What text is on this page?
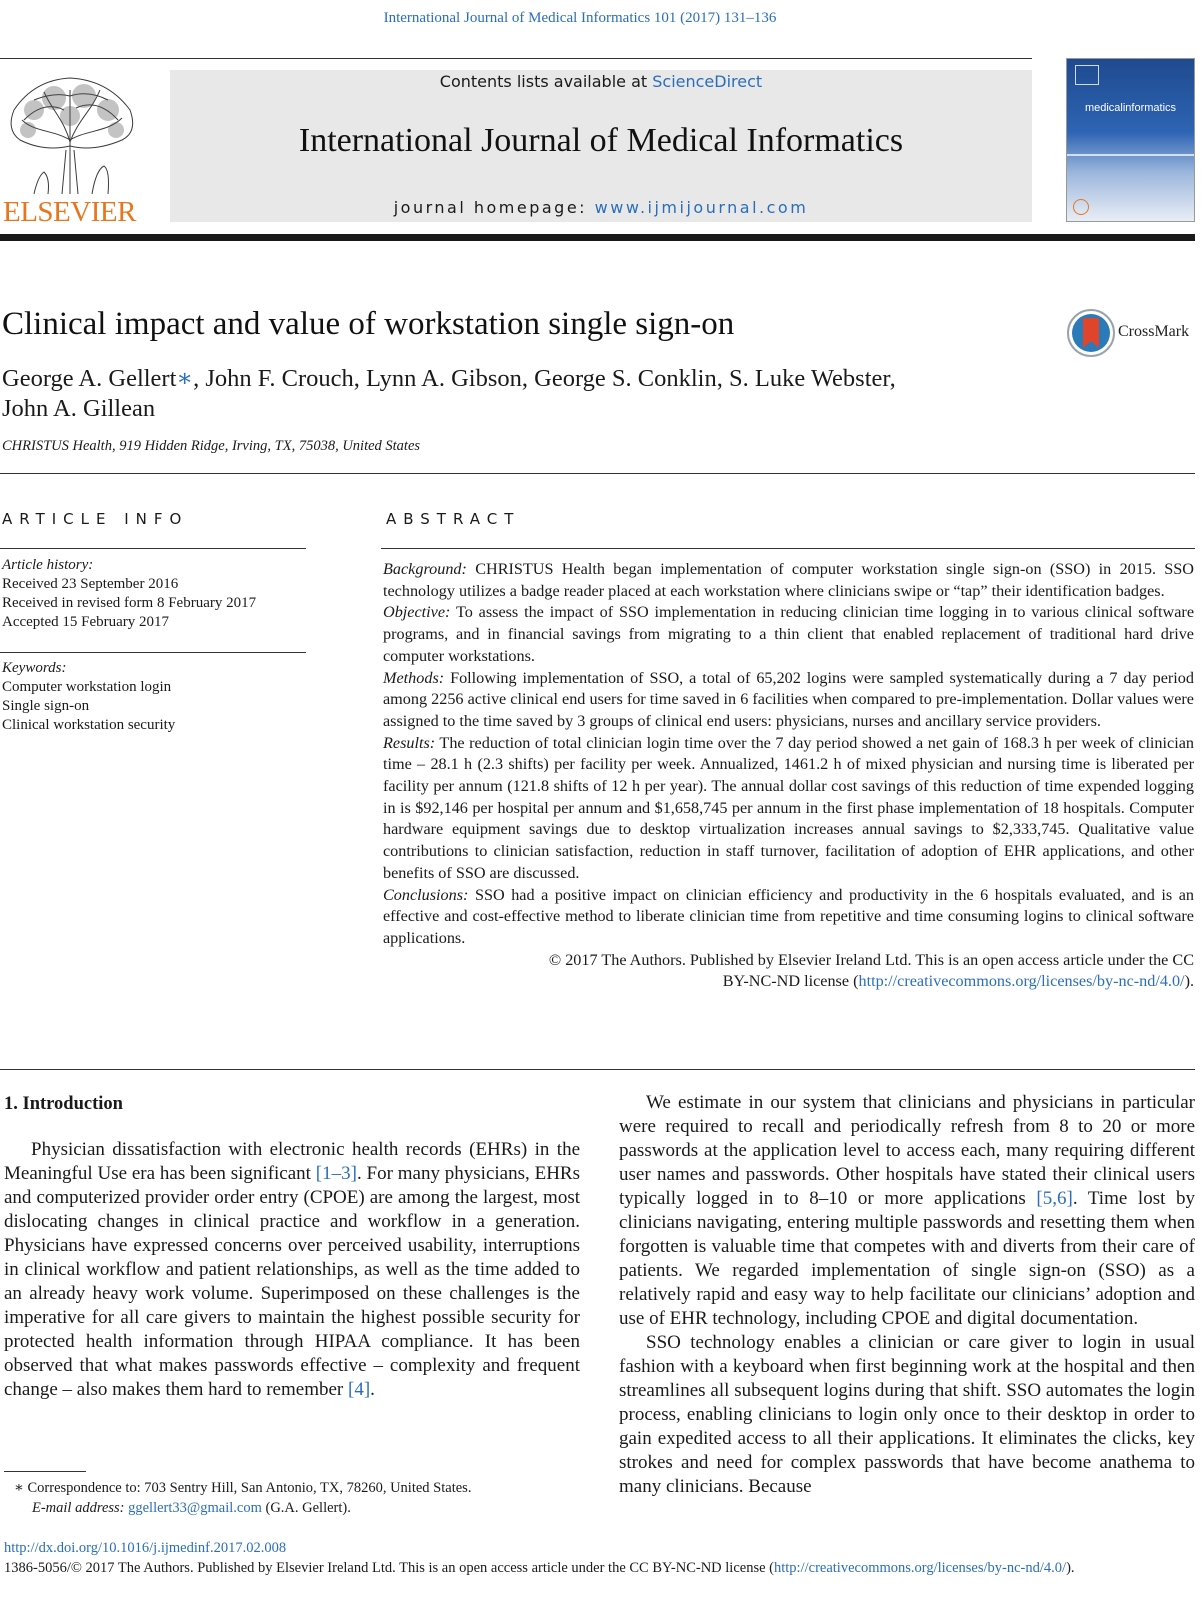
International Journal of Medical Informatics 101 (2017) 131–136
ELSEVIER
Contents lists available at ScienceDirect
International Journal of Medical Informatics
journal homepage: www.ijmijournal.com
medicalinformatics
Clinical impact and value of workstation single sign-on	CrossMark
George A. Gellert∗, John F. Crouch, Lynn A. Gibson, George S. Conklin, S. Luke Webster,
John A. Gillean
CHRISTUS Health, 919 Hidden Ridge, Irving, TX, 75038, United States
ARTICLE INFO
Article history:
Received 23 September 2016
Received in revised form 8 February 2017
Accepted 15 February 2017
Keywords:
Computer workstation login
Single sign-on
Clinical workstation security
ABSTRACT
Background: CHRISTUS Health began implementation of computer workstation single sign-on (SSO) in 2015. SSO technology utilizes a badge reader placed at each workstation where clinicians swipe or “tap” their identification badges.
Objective: To assess the impact of SSO implementation in reducing clinician time logging in to various clinical software programs, and in financial savings from migrating to a thin client that enabled replacement of traditional hard drive computer workstations.
Methods: Following implementation of SSO, a total of 65,202 logins were sampled systematically during a 7 day period among 2256 active clinical end users for time saved in 6 facilities when compared to pre-implementation. Dollar values were assigned to the time saved by 3 groups of clinical end users: physicians, nurses and ancillary service providers.
Results: The reduction of total clinician login time over the 7 day period showed a net gain of 168.3 h per week of clinician time – 28.1 h (2.3 shifts) per facility per week. Annualized, 1461.2 h of mixed physician and nursing time is liberated per facility per annum (121.8 shifts of 12 h per year). The annual dollar cost savings of this reduction of time expended logging in is $92,146 per hospital per annum and $1,658,745 per annum in the first phase implementation of 18 hospitals. Computer hardware equipment savings due to desktop virtualization increases annual savings to $2,333,745. Qualitative value contributions to clinician satisfaction, reduction in staff turnover, facilitation of adoption of EHR applications, and other benefits of SSO are discussed.
Conclusions: SSO had a positive impact on clinician efficiency and productivity in the 6 hospitals evaluated, and is an effective and cost-effective method to liberate clinician time from repetitive and time consuming logins to clinical software applications.
© 2017 The Authors. Published by Elsevier Ireland Ltd. This is an open access article under the CC
BY-NC-ND license (http://creativecommons.org/licenses/by-nc-nd/4.0/).
1. Introduction

Physician dissatisfaction with electronic health records (EHRs) in the Meaningful Use era has been significant [1–3]. For many physicians, EHRs and computerized provider order entry (CPOE) are among the largest, most dislocating changes in clinical practice and workflow in a generation. Physicians have expressed concerns over perceived usability, interruptions in clinical workflow and patient relationships, as well as the time added to an already heavy work volume. Superimposed on these challenges is the imperative for all care givers to maintain the highest possible security for protected health information through HIPAA compliance. It has been observed that what makes passwords effective – complexity and frequent change – also makes them hard to remember [4].

We estimate in our system that clinicians and physicians in particular were required to recall and periodically refresh from 8 to 20 or more passwords at the application level to access each, many requiring different user names and passwords. Other hospitals have stated their clinical users typically logged in to 8–10 or more applications [5,6]. Time lost by clinicians navigating, entering multiple passwords and resetting them when forgotten is valuable time that competes with and diverts from their care of patients. We regarded implementation of single sign-on (SSO) as a relatively rapid and easy way to help facilitate our clinicians’ adoption and use of EHR technology, including CPOE and digital documentation.

SSO technology enables a clinician or care giver to login in usual fashion with a keyboard when first beginning work at the hospital and then streamlines all subsequent logins during that shift. SSO automates the login process, enabling clinicians to login only once to their desktop in order to gain expedited access to all their applications. It eliminates the clicks, key strokes and need for complex passwords that have become anathema to many clinicians. Because

∗ Correspondence to: 703 Sentry Hill, San Antonio, TX, 78260, United States.
E-mail address: ggellert33@gmail.com (G.A. Gellert).
http://dx.doi.org/10.1016/j.ijmedinf.2017.02.008
1386-5056/© 2017 The Authors. Published by Elsevier Ireland Ltd. This is an open access article under the CC BY-NC-ND license (http://creativecommons.org/licenses/by-nc-nd/4.0/).
